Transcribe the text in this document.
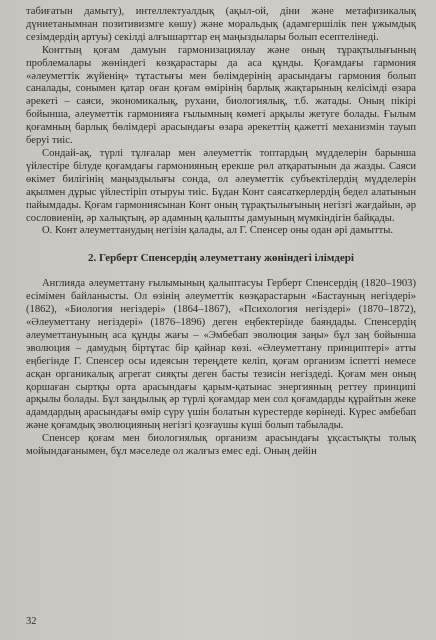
табиғатын дамыту), интеллектуалдық (ақыл-ой, діни және метафизикалық дүниетанымнан позитивизмге көшу) және моральдық (адамгершілік пен ұжымдық сезімдердің артуы) секілді алғышарттар ең маңыздылары болып есептелінеді.

Конттың қоғам дамуын гармонизациялау және оның тұрақтылығының проблемалары жөніндегі көзқарастары да аса құнды. Қоғамдағы гармония «әлеуметтік жүйенің» тұтастығы мен бөлімдерінің арасындағы гармония болып саналады, сонымен қатар оған қоғам өмірінің барлық жақтарының келісімді өзара әрекеті – саяси, экономикалық, рухани, биологиялық, т.б. жатады. Оның пікірі бойынша, әлеуметтік гармонияға ғылымның көмегі арқылы жетуге болады. Ғылым қоғамның барлық бөлімдері арасындағы өзара әрекеттің қажетті механизмін тауып беруі тиіс.

Сондай-ақ, түрлі тұлғалар мен әлеуметтік топтардың мүдделерін барынша үйлестіре білуде қоғамдағы гармонияның ерекше рөл атқаратынын да жазды. Саяси өкімет билігінің маңыздылығы сонда, ол әлеуметтік субъектілердің мүдделерін ақылмен дұрыс үйлестіріп отыруы тиіс. Бұдан Конт саясаткерлердің бедел алатынын пайымдады. Қоғам гармониясынан Конт оның тұрақтылығының негізгі жағдайын, әр сословиенің, әр халықтың, әр адамның қалыпты дамуының мүмкіндігін байқады.

О. Конт әлеуметтанудың негізін қалады, ал Г. Спенсер оны одан әрі дамытты.

2. Герберт Спенсердің әлеуметтану жөніндегі ілімдері

Англияда әлеуметтану ғылымының қалыптасуы Герберт Спенсердің (1820–1903) есімімен байланысты. Ол өзінің әлеуметтік көзқарастарын «Бастауның негіздері» (1862), «Биология негіздері» (1864–1867), «Психология негіздері» (1870–1872), «Әлеуметтану негіздері» (1876–1896) деген еңбектерінде баяндады. Спенсердің әлеуметтануының аса құнды жағы – «Эмбебап эволюция заңы» бұл заң бойынша эволюция – дамудың біртұтас бір қайнар көзі. «Әлеуметтану принциптері» атты еңбегінде Г. Спенсер осы идеясын тереңдете келіп, қоғам организм іспетті немесе асқан органикалық агрегат сияқты деген басты тезисін негіздеді. Қоғам мен оның қоршаған сыртқы орта арасындағы қарым-қатынас энергияның реттеу принципі арқылы болады. Бұл заңдылық әр түрлі қоғамдар мен сол қоғамдарды құрайтын жеке адамдардың арасындағы өмір сүру үшін болатын күрестерде көрінеді. Күрес әмбебап және қоғамдық эволюцияның негізгі қозғаушы күші болып табылады.

Спенсер қоғам мен биологиялық организм арасындағы ұқсастықты толық мойындағанымен, бұл мәселеде ол жалғыз емес еді. Оның дейін

32
